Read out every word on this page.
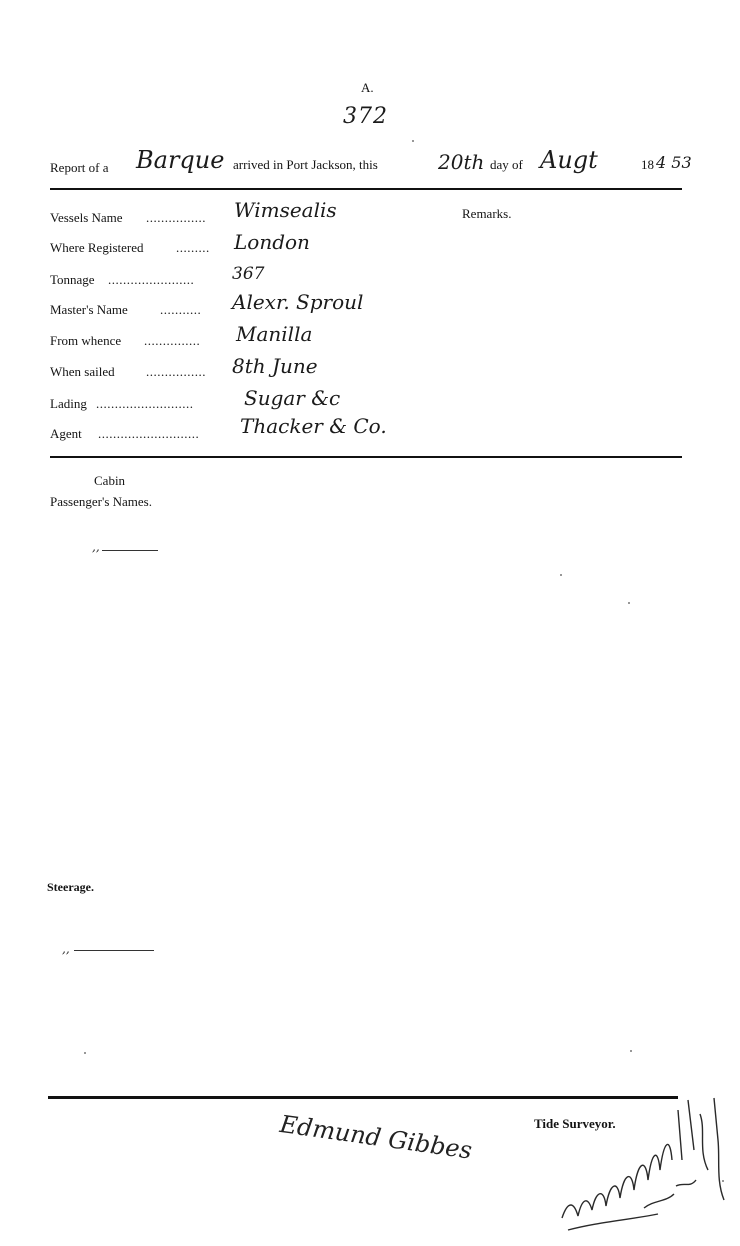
A.
372
Report of a Barque arrived in Port Jackson, this	20th day of Augt	18 4 53
Vessels Name ................ Wimsealis
Where Registered	......... London
Tonnage ....................... 367
Master's Name ........... Alexr. Sproul
From whence ............... Manilla
When sailed ................ 8th June
Lading ..........................	Sugar &c
Agent ........................... Thacker & Co.
Remarks.
Cabin
Passenger's Names.
,,
Steerage.
,,
Edmund Gibbes	Tide Surveyor.
